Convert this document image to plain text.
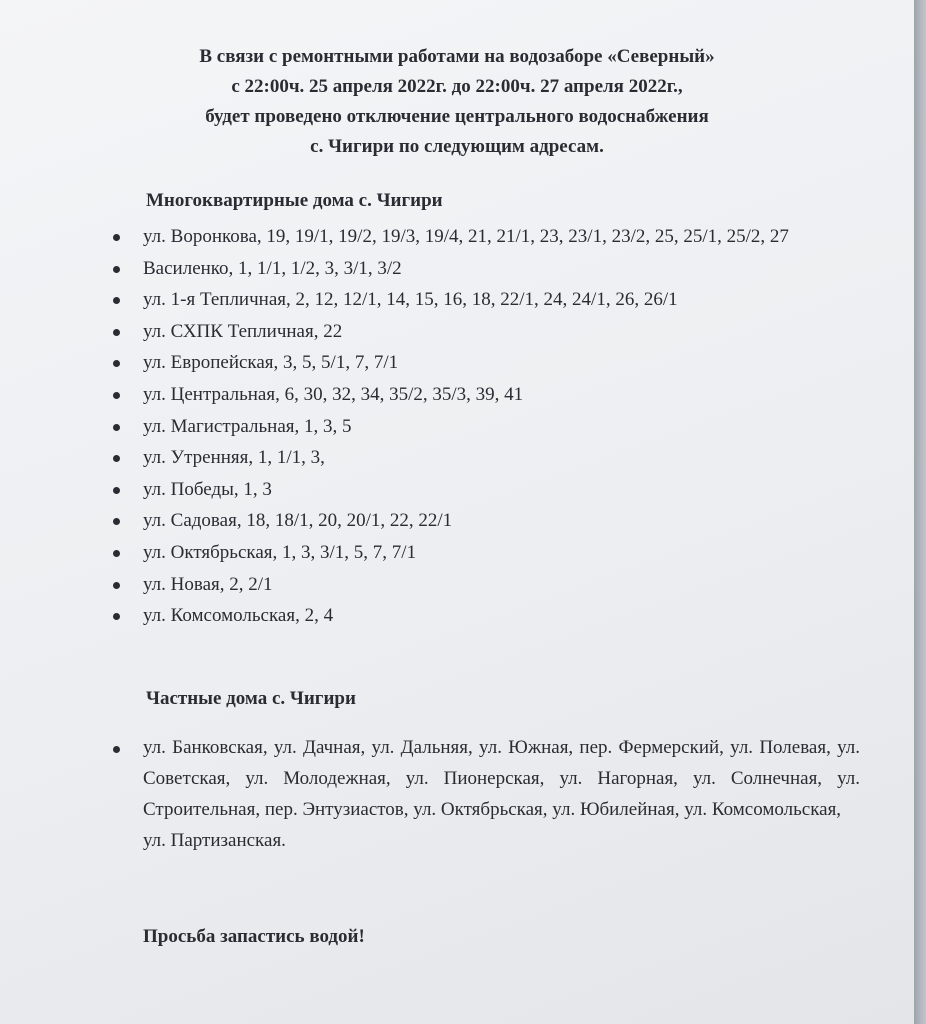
В связи с ремонтными работами на водозаборе «Северный»
с 22:00ч. 25 апреля 2022г. до 22:00ч. 27 апреля 2022г.,
будет проведено отключение центрального водоснабжения
с. Чигири по следующим адресам.
Многоквартирные дома с. Чигири
ул. Воронкова, 19, 19/1, 19/2, 19/3, 19/4, 21, 21/1, 23, 23/1, 23/2, 25, 25/1, 25/2, 27
Василенко, 1, 1/1, 1/2, 3, 3/1, 3/2
ул. 1-я Тепличная, 2, 12, 12/1, 14, 15, 16, 18, 22/1, 24, 24/1, 26, 26/1
ул. СХПК Тепличная, 22
ул. Европейская, 3, 5, 5/1, 7, 7/1
ул. Центральная, 6, 30, 32, 34, 35/2, 35/3, 39, 41
ул. Магистральная, 1, 3, 5
ул. Утренняя, 1, 1/1, 3,
ул. Победы, 1, 3
ул. Садовая, 18, 18/1, 20, 20/1, 22, 22/1
ул. Октябрьская, 1, 3, 3/1, 5, 7, 7/1
ул. Новая, 2, 2/1
ул. Комсомольская, 2, 4
Частные дома с. Чигири
ул. Банковская, ул. Дачная, ул. Дальняя, ул. Южная, пер. Фермерский, ул. Полевая, ул. Советская, ул. Молодежная, ул. Пионерская, ул. Нагорная, ул. Солнечная, ул. Строительная, пер. Энтузиастов, ул. Октябрьская, ул. Юбилейная, ул. Комсомольская,
ул. Партизанская.
Просьба запастись водой!
